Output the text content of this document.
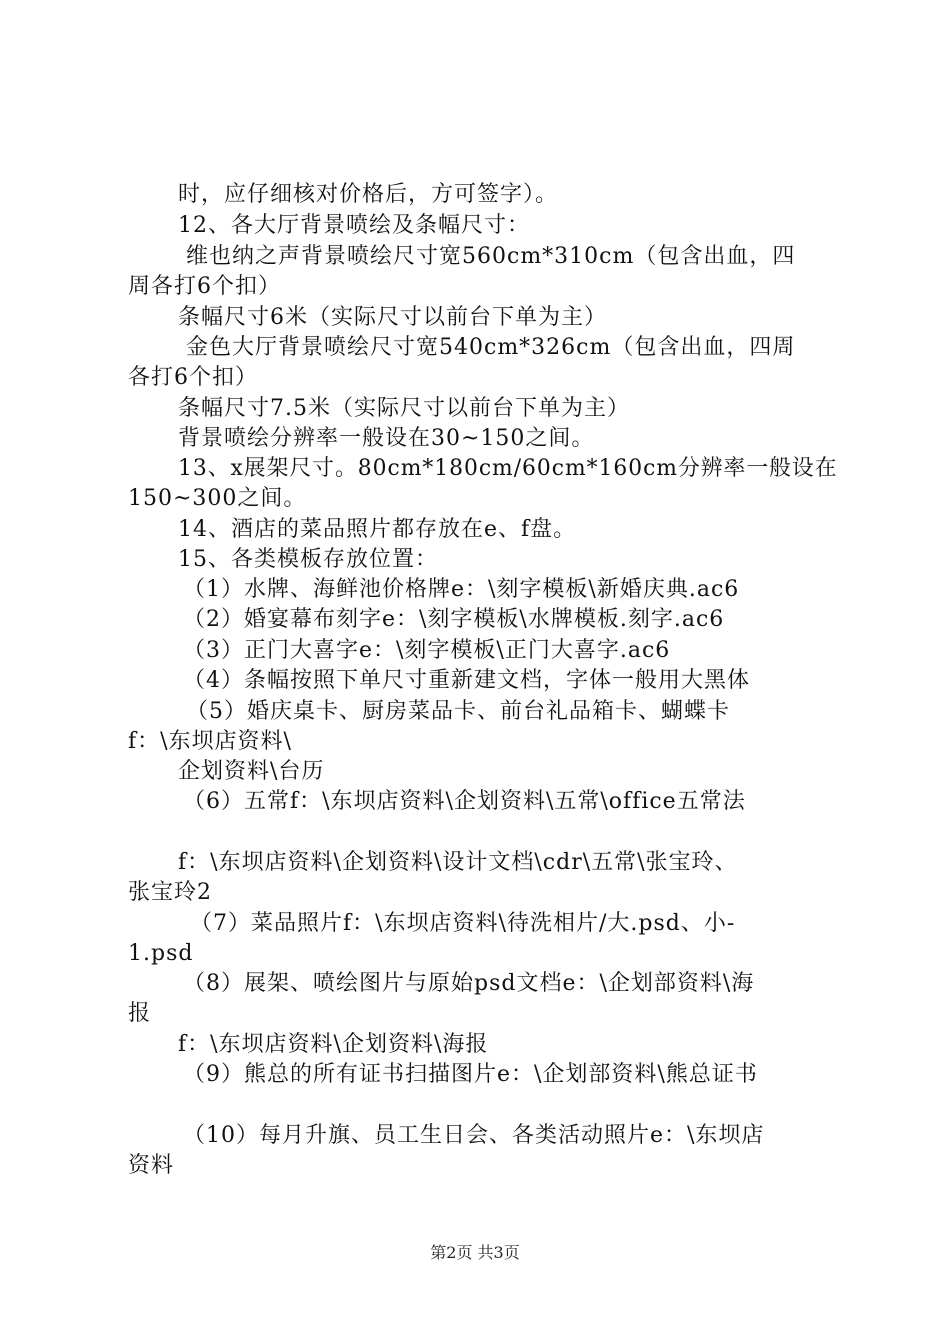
时，应仔细核对价格后，方可签字）。
12、各大厅背景喷绘及条幅尺寸：
维也纳之声背景喷绘尺寸宽560cm*310cm（包含出血，四
周各打6个扣）
条幅尺寸6米（实际尺寸以前台下单为主）
金色大厅背景喷绘尺寸宽540cm*326cm（包含出血，四周
各打6个扣）
条幅尺寸7.5米（实际尺寸以前台下单为主）
背景喷绘分辨率一般设在30~150之间。
13、x展架尺寸。80cm*180cm/60cm*160cm分辨率一般设在
150~300之间。
14、酒店的菜品照片都存放在e、f盘。
15、各类模板存放位置：
（1）水牌、海鲜池价格牌e：\刻字模板\新婚庆典.ac6
（2）婚宴幕布刻字e：\刻字模板\水牌模板.刻字.ac6
（3）正门大喜字e：\刻字模板\正门大喜字.ac6
（4）条幅按照下单尺寸重新建文档，字体一般用大黑体
（5）婚庆桌卡、厨房菜品卡、前台礼品箱卡、蝴蝶卡
f：\东坝店资料\
企划资料\台历
（6）五常f：\东坝店资料\企划资料\五常\office五常法
f：\东坝店资料\企划资料\设计文档\cdr\五常\张宝玲、
张宝玲2
（7）菜品照片f：\东坝店资料\待洗相片/大.psd、小-
1.psd
（8）展架、喷绘图片与原始psd文档e：\企划部资料\海
报
f：\东坝店资料\企划资料\海报
（9）熊总的所有证书扫描图片e：\企划部资料\熊总证书
（10）每月升旗、员工生日会、各类活动照片e：\东坝店
资料
第2页 共3页
